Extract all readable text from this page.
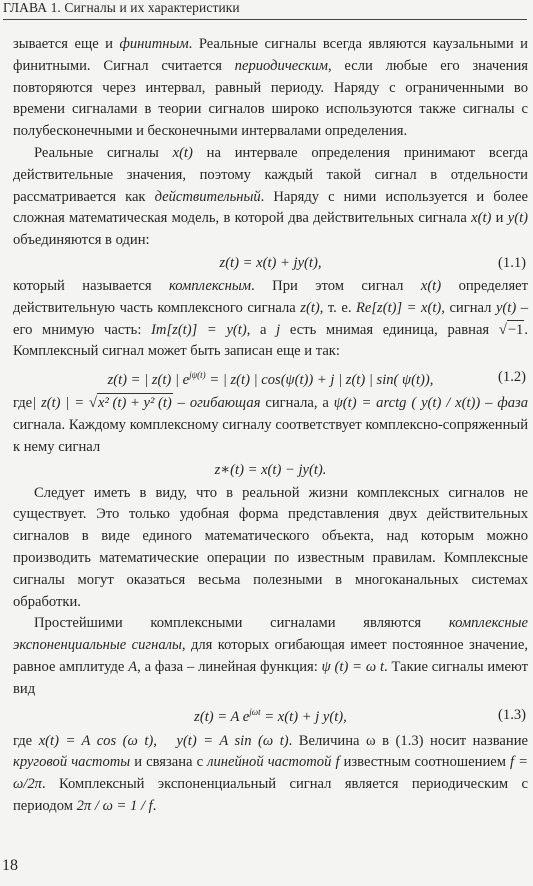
ГЛАВА 1. Сигналы и их характеристики

зывается еще и финитным. Реальные сигналы всегда являются каузальными и финитными. Сигнал считается периодическим, если любые его значения повторяются через интервал, равный периоду. Наряду с ограниченными во времени сигналами в теории сигналов широко используются также сигналы с полубесконечными и бесконечными интервалами определения.

Реальные сигналы x(t) на интервале определения принимают всегда действительные значения, поэтому каждый такой сигнал в отдельности рассматривается как действительный. Наряду с ними используется и более сложная математическая модель, в которой два действительных сигнала x(t) и y(t) объединяются в один:

z(t) = x(t) + jy(t),	(1.1)

который называется комплексным. При этом сигнал x(t) определяет действительную часть комплексного сигнала z(t), т. е. Re[z(t)] = x(t), сигнал y(t) – его мнимую часть: Im[z(t)] = y(t), а j есть мнимая единица, равная √−1. Комплексный сигнал может быть записан еще и так:

z(t) = | z(t) | $e^{j\psi(t)}$ = | z(t) | cos(ψ(t)) + j | z(t) | sin( ψ(t)),	(1.2)

где| z(t) | = √x² (t) + y² (t) – огибающая сигнала, а ψ(t) = arctg ( y(t) / x(t)) – фаза сигнала. Каждому комплексному сигналу соответствует комплексно-сопряженный к нему сигнал

z∗(t) = x(t) − jy(t).

Следует иметь в виду, что в реальной жизни комплексных сигналов не существует. Это только удобная форма представления двух действительных сигналов в виде единого математического объекта, над которым можно производить математические операции по известным правилам. Комплексные сигналы могут оказаться весьма полезными в многоканальных системах обработки.

Простейшими комплексными сигналами являются комплексные экспоненциальные сигналы, для которых огибающая имеет постоянное значение, равное амплитуде A, а фаза – линейная функция: ψ (t) = ω t. Такие сигналы имеют вид

z(t) = A $e^{j\omega t} = x(t) + j$ y(t),	(1.3)

где x(t) = A cos (ω t), y(t) = A sin (ω t). Величина ω в (1.3) носит название круговой частоты и связана с линейной частотой f известным соотношением f = ω/2π. Комплексный экспоненциальный сигнал является периодическим с периодом 2π / ω = 1 / f.

18
